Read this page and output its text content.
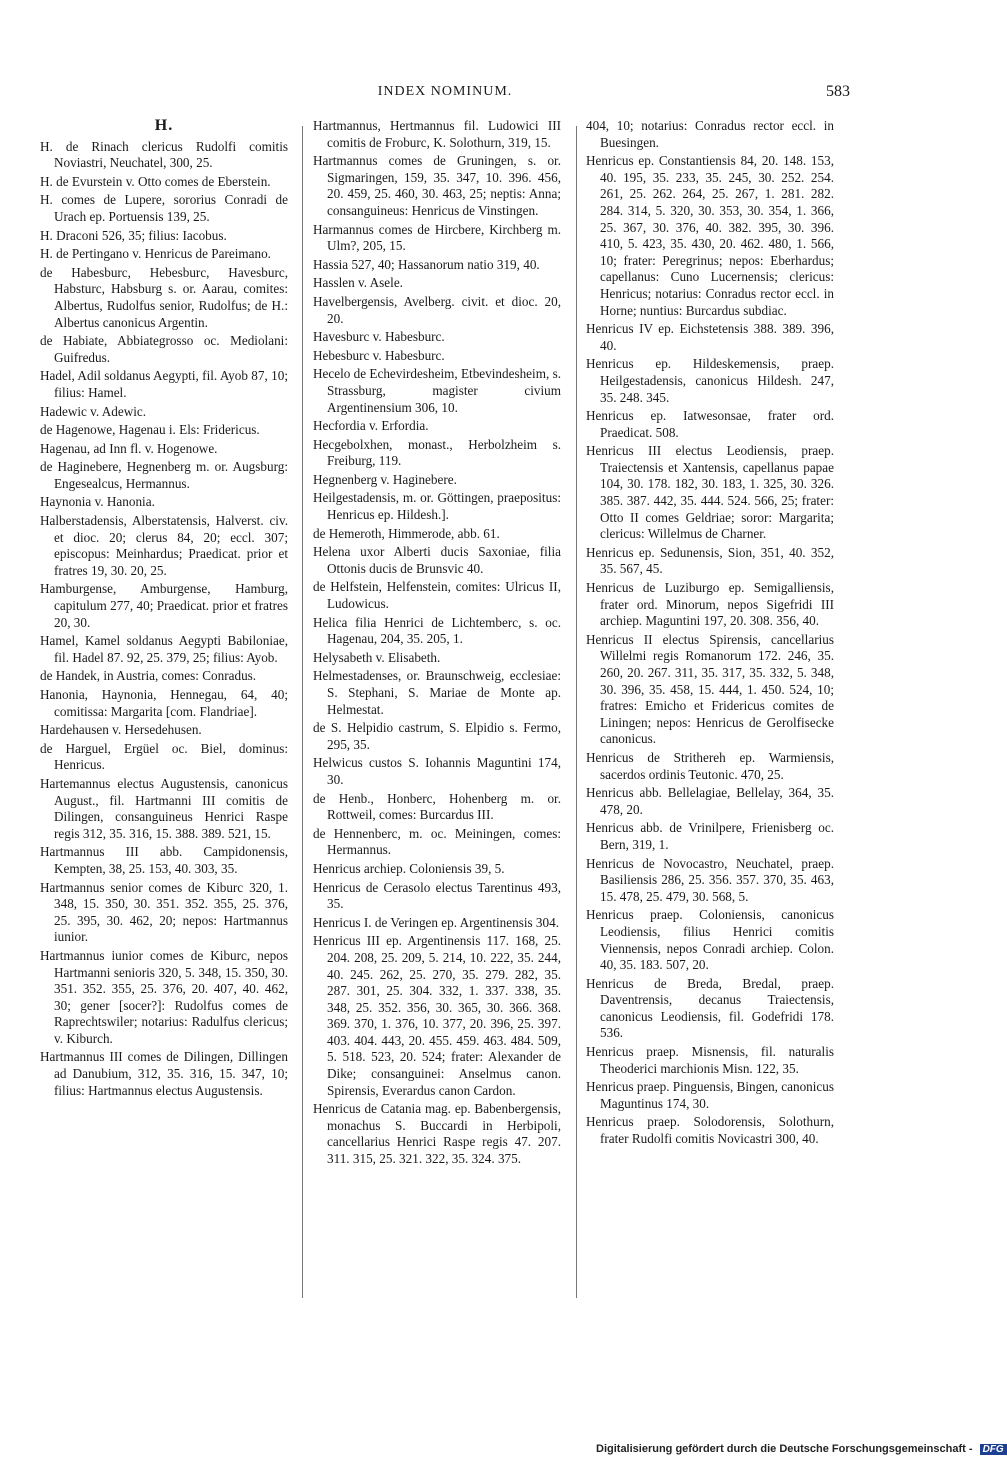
INDEX NOMINUM.	583
H.
H. de Rinach clericus Rudolfi comitis Noviastri, Neuchatel, 300, 25.
H. de Evurstein v. Otto comes de Eberstein.
H. comes de Lupere, sororius Conradi de Urach ep. Portuensis 139, 25.
H. Draconi 526, 35; filius: Iacobus.
H. de Pertingano v. Henricus de Pareimano.
de Habesburc, Hebesburc, Havesburc, Habsturc, Habsburg s. or. Aarau, comites: Albertus, Rudolfus senior, Rudolfus; de H.: Albertus canonicus Argentin.
de Habiate, Abbiategrosso oc. Mediolani: Guifredus.
Hadel, Adil soldanus Aegypti, fil. Ayob 87, 10; filius: Hamel.
Hadewic v. Adewic.
de Hagenowe, Hagenau i. Els: Fridericus.
Hagenau, ad Inn fl. v. Hogenowe.
de Haginebere, Hegnenberg m. or. Augsburg: Engesealcus, Hermannus.
Haynonia v. Hanonia.
Halberstadensis, Alberstatensis, Halverst. civ. et dioc. 20; clerus 84, 20; eccl. 307; episcopus: Meinhardus; Praedicat. prior et fratres 19, 30. 20, 25.
Hamburgense, Amburgense, Hamburg, capitulum 277, 40; Praedicat. prior et fratres 20, 30.
Hamel, Kamel soldanus Aegypti Babiloniae, fil. Hadel 87. 92, 25. 379, 25; filius: Ayob.
de Handek, in Austria, comes: Conradus.
Hanonia, Haynonia, Hennegau, 64, 40; comitissa: Margarita [com. Flandriae].
Hardehausen v. Hersedehusen.
de Harguel, Ergüel oc. Biel, dominus: Henricus.
Hartemannus electus Augustensis, canonicus August., fil. Hartmanni III comitis de Dilingen, consanguineus Henrici Raspe regis 312, 35. 316, 15. 388. 389. 521, 15.
Hartmannus III abb. Campidonensis, Kempten, 38, 25. 153, 40. 303, 35.
Hartmannus senior comes de Kiburc 320, 1. 348, 15. 350, 30. 351. 352. 355, 25. 376, 25. 395, 30. 462, 20; nepos: Hartmannus iunior.
Hartmannus iunior comes de Kiburc, nepos Hartmanni senioris 320, 5. 348, 15. 350, 30. 351. 352. 355, 25. 376, 20. 407, 40. 462, 30; gener [socer?]: Rudolfus comes de Raprechtswiler; notarius: Radulfus clericus; v. Kiburch.
Hartmannus III comes de Dilingen, Dillingen ad Danubium, 312, 35. 316, 15. 347, 10; filius: Hartmannus electus Augustensis.
Hartmannus, Hertmannus fil. Ludowici III comitis de Froburc, K. Solothurn, 319, 15.
Hartmannus comes de Gruningen, s. or. Sigmaringen, 159, 35. 347, 10. 396. 456, 20. 459, 25. 460, 30. 463, 25; neptis: Anna; consanguineus: Henricus de Vinstingen.
Harmannus comes de Hircbere, Kirchberg m. Ulm?, 205, 15.
Hassia 527, 40; Hassanorum natio 319, 40.
Hasslen v. Asele.
Havelbergensis, Avelberg. civit. et dioc. 20, 20.
Havesburc v. Habesburc.
Hebesburc v. Habesburc.
Hecelo de Echevirdesheim, Etbevindesheim, s. Strassburg, magister civium Argentinensium 306, 10.
Hecfordia v. Erfordia.
Hecgebolxhen, monast., Herbolzheim s. Freiburg, 119.
Hegnenberg v. Haginebere.
Heilgestadensis, m. or. Göttingen, praepositus: Henricus ep. Hildesh.].
de Hemeroth, Himmerode, abb. 61.
Helena uxor Alberti ducis Saxoniae, filia Ottonis ducis de Brunsvic 40.
de Helfstein, Helfenstein, comites: Ulricus II, Ludowicus.
Helica filia Henrici de Lichtemberc, s. oc. Hagenau, 204, 35. 205, 1.
Helysabeth v. Elisabeth.
Helmestadenses, or. Braunschweig, ecclesiae: S. Stephani, S. Mariae de Monte ap. Helmestat.
de S. Helpidio castrum, S. Elpidio s. Fermo, 295, 35.
Helwicus custos S. Iohannis Maguntini 174, 30.
de Henb., Honberc, Hohenberg m. or. Rottweil, comes: Burcardus III.
de Hennenberc, m. oc. Meiningen, comes: Hermannus.
Henricus archiep. Coloniensis 39, 5.
Henricus de Cerasolo electus Tarentinus 493, 35.
Henricus I. de Veringen ep. Argentinensis 304.
Henricus III ep. Argentinensis 117. 168, 25. 204. 208, 25. 209, 5. 214, 10. 222, 35. 244, 40. 245. 262, 25. 270, 35. 279. 282, 35. 287. 301, 25. 304. 332, 1. 337. 338, 35. 348, 25. 352. 356, 30. 365, 30. 366. 368. 369. 370, 1. 376, 10. 377, 20. 396, 25. 397. 403. 404. 443, 20. 455. 459. 463. 484. 509, 5. 518. 523, 20. 524; frater: Alexander de Dike; consanguinei: Anselmus canon. Spirensis, Everardus canon Cardon.
Henricus de Catania mag. ep. Babenbergensis, monachus S. Buccardi in Herbipoli, cancellarius Henrici Raspe regis 47. 207. 311. 315, 25. 321. 322, 35. 324. 375.
404, 10; notarius: Conradus rector eccl. in Buesingen.
Henricus ep. Constantiensis 84, 20. 148. 153, 40. 195, 35. 233, 35. 245, 30. 252. 254. 261, 25. 262. 264, 25. 267, 1. 281. 282. 284. 314, 5. 320, 30. 353, 30. 354, 1. 366, 25. 367, 30. 376, 40. 382. 395, 30. 396. 410, 5. 423, 35. 430, 20. 462. 480, 1. 566, 10; frater: Peregrinus; nepos: Eberhardus; capellanus: Cuno Lucernensis; clericus: Henricus; notarius: Conradus rector eccl. in Horne; nuntius: Burcardus subdiac.
Henricus IV ep. Eichstetensis 388. 389. 396, 40.
Henricus ep. Hildeskemensis, praep. Heilgestadensis, canonicus Hildesh. 247, 35. 248. 345.
Henricus ep. Iatwesonsae, frater ord. Praedicat. 508.
Henricus III electus Leodiensis, praep. Traiectensis et Xantensis, capellanus papae 104, 30. 178. 182, 30. 183, 1. 325, 30. 326. 385. 387. 442, 35. 444. 524. 566, 25; frater: Otto II comes Geldriae; soror: Margarita; clericus: Willelmus de Charner.
Henricus ep. Sedunensis, Sion, 351, 40. 352, 35. 567, 45.
Henricus de Luziburgo ep. Semigalliensis, frater ord. Minorum, nepos Sigefridi III archiep. Maguntini 197, 20. 308. 356, 40.
Henricus II electus Spirensis, cancellarius Willelmi regis Romanorum 172. 246, 35. 260, 20. 267. 311, 35. 317, 35. 332, 5. 348, 30. 396, 35. 458, 15. 444, 1. 450. 524, 10; fratres: Emicho et Fridericus comites de Liningen; nepos: Henricus de Gerolfisecke canonicus.
Henricus de Strithereh ep. Warmiensis, sacerdos ordinis Teutonic. 470, 25.
Henricus abb. Bellelagiae, Bellelay, 364, 35. 478, 20.
Henricus abb. de Vrinilpere, Frienisberg oc. Bern, 319, 1.
Henricus de Novocastro, Neuchatel, praep. Basiliensis 286, 25. 356. 357. 370, 35. 463, 15. 478, 25. 479, 30. 568, 5.
Henricus praep. Coloniensis, canonicus Leodiensis, filius Henrici comitis Viennensis, nepos Conradi archiep. Colon. 40, 35. 183. 507, 20.
Henricus de Breda, Bredal, praep. Daventrensis, decanus Traiectensis, canonicus Leodiensis, fil. Godefridi 178. 536.
Henricus praep. Misnensis, fil. naturalis Theoderici marchionis Misn. 122, 35.
Henricus praep. Pinguensis, Bingen, canonicus Maguntinus 174, 30.
Henricus praep. Solodorensis, Solothurn, frater Rudolfi comitis Novicastri 300, 40.
Digitalisierung gefördert durch die Deutsche Forschungsgemeinschaft - DFG
